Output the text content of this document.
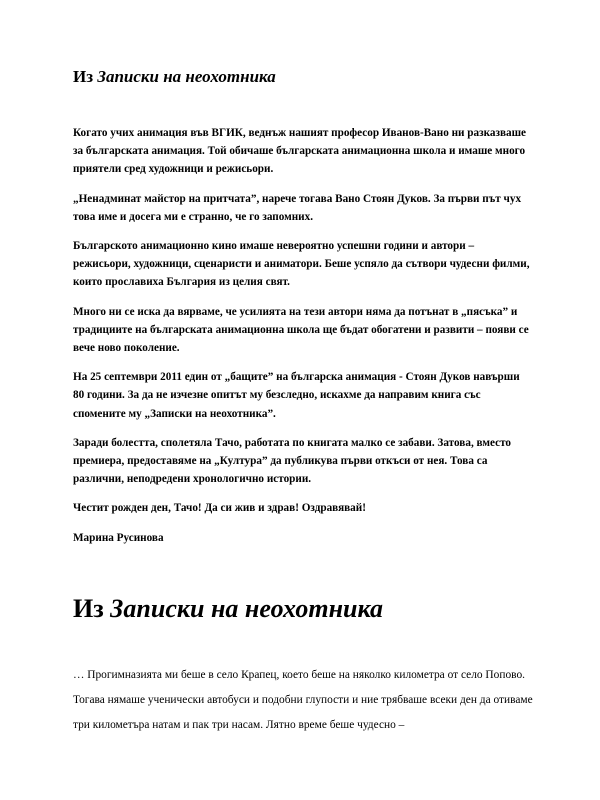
Из Записки на неохотника

Когато учих анимация във ВГИК, веднъж нашият професор Иванов-Вано ни разказваше за българската анимация. Той обичаше българската анимационна школа и имаше много приятели сред художници и режисьори.

„Ненадминат майстор на притчата”, нарече тогава Вано Стоян Дуков. За първи път чух това име и досега ми е странно, че го запомних.

Българското анимационно кино имаше невероятно успешни години и автори – режисьори, художници, сценаристи и аниматори. Беше успяло да сътвори чудесни филми, които прославиха България из целия свят.

Много ни се иска да вярваме, че усилията на тези автори няма да потънат в „пясъка” и традициите на българската анимационна школа ще бъдат обогатени и развити – появи се вече ново поколение.

На 25 септември 2011 един от „бащите” на българска анимация - Стоян Дуков навърши 80 години. За да не изчезне опитът му безследно, искахме да направим книга със спомените му „Записки на неохотника”.

Заради болестта, сполетяла Тачо, работата по книгата малко се забави. Затова, вместо премиера, предоставяме на „Култура” да публикува първи откъси от нея. Това са различни, неподредени хронологично истории.

Честит рожден ден, Тачо! Да си жив и здрав! Оздравявай!

Марина Русинова

Из Записки на неохотника

… Прогимназията ми беше в село Крапец, което беше на няколко километра от село Попово. Тогава нямаше ученически автобуси и подобни глупости и ние трябваше всеки ден да отиваме три километъра натам и пак три насам. Лятно време беше чудесно –
